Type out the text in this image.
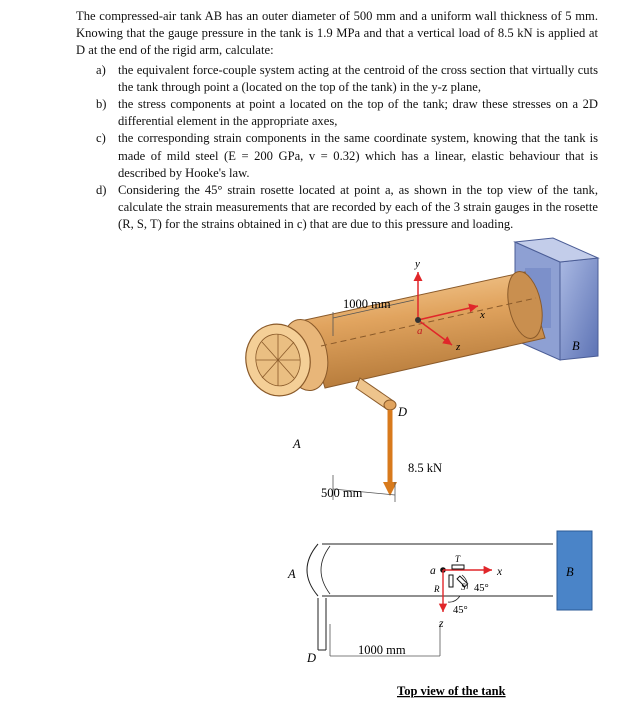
The compressed-air tank AB has an outer diameter of 500 mm and a uniform wall thickness of 5 mm. Knowing that the gauge pressure in the tank is 1.9 MPa and that a vertical load of 8.5 kN is applied at D at the end of the rigid arm, calculate:

a) the equivalent force-couple system acting at the centroid of the cross section that virtually cuts the tank through point a (located on the top of the tank) in the y-z plane,
b) the stress components at point a located on the top of the tank; draw these stresses on a 2D differential element in the appropriate axes,
c) the corresponding strain components in the same coordinate system, knowing that the tank is made of mild steel (E = 200 GPa, v = 0.32) which has a linear, elastic behaviour that is described by Hooke's law.
d) Considering the 45° strain rosette located at point a, as shown in the top view of the tank, calculate the strain measurements that are recorded by each of the 3 strain gauges in the rosette (R, S, T) for the strains obtained in c) that are due to this pressure and loading.
1000 mm
500 mm
8.5 kN
A
D
B
a
y
x
z
A	B
D
a
R S
T
x
z
45°
45°
1000 mm
Top view of the tank
